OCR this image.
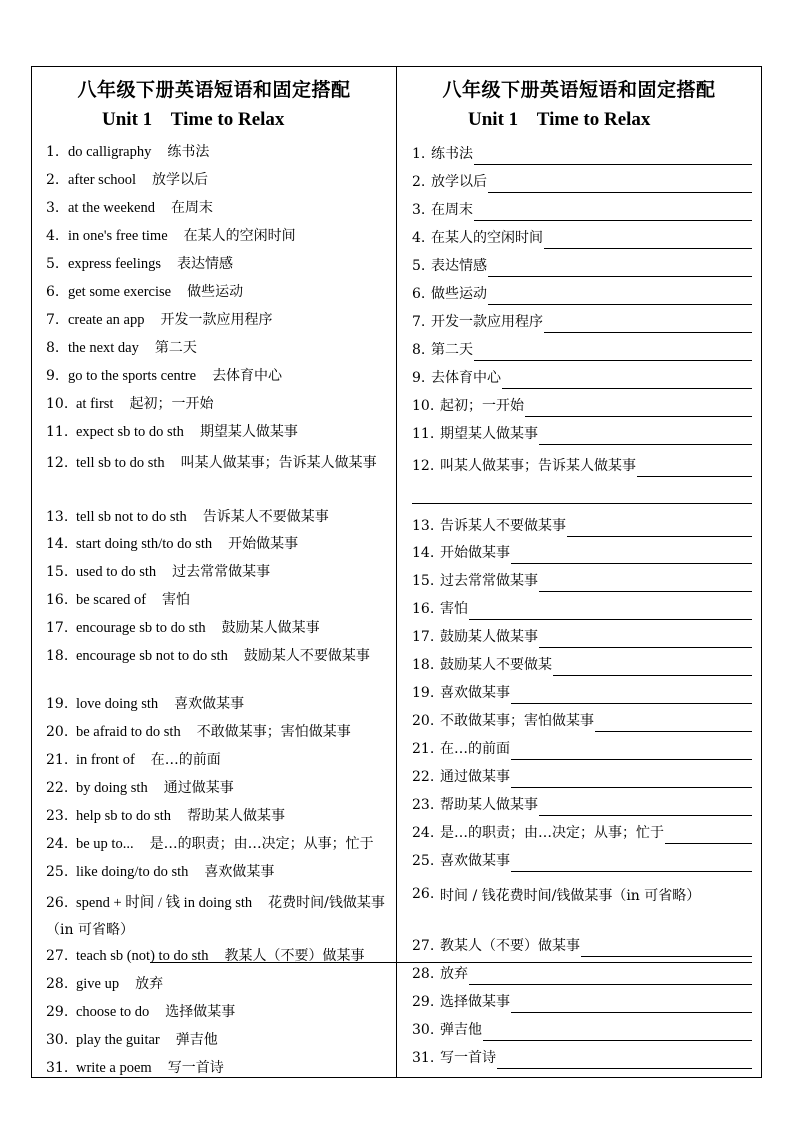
八年级下册英语短语和固定搭配
Unit 1    Time to Relax
1. do calligraphy 练书法
2. after school 放学以后
3. at the weekend 在周末
4. in one's free time 在某人的空闲时间
5. express feelings 表达情感
6. get some exercise 做些运动
7. create an app 开发一款应用程序
8. the next day 第二天
9. go to the sports centre 去体育中心
10. at first 起初；一开始
11. expect sb to do sth 期望某人做某事
12. tell sb to do sth 叫某人做某事；告诉某人做某事
13. tell sb not to do sth 告诉某人不要做某事
14. start doing sth/to do sth 开始做某事
15. used to do sth 过去常常做某事
16. be scared of 害怕
17. encourage sb to do sth 鼓励某人做某事
18. encourage sb not to do sth 鼓励某人不要做某事
19. love doing sth 喜欢做某事
20. be afraid to do sth 不敢做某事；害怕做某事
21. in front of 在…的前面
22. by doing sth 通过做某事
23. help sb to do sth 帮助某人做某事
24. be up to... 是…的职责；由…决定；从事；忙于
25. like doing/to do sth 喜欢做某事
26. spend + 时间 / 钱 in doing sth 花费时间/钱做某事（in 可省略）
27. teach sb (not) to do sth 教某人（不要）做某事
28. give up 放弃
29. choose to do 选择做某事
30. play the guitar 弹吉他
31. write a poem 写一首诗
八年级下册英语短语和固定搭配
Unit 1    Time to Relax
1. 练书法
2. 放学以后
3. 在周末
4. 在某人的空闲时间
5. 表达情感
6. 做些运动
7. 开发一款应用程序
8. 第二天
9. 去体育中心
10. 起初；一开始
11. 期望某人做某事
12. 叫某人做某事；告诉某人做某事
13. 告诉某人不要做某事
14. 开始做某事
15. 过去常常做某事
16. 害怕
17. 鼓励某人做某事
18. 鼓励某人不要做某
19. 喜欢做某事
20. 不敢做某事；害怕做某事
21. 在…的前面
22. 通过做某事
23. 帮助某人做某事
24. 是…的职责；由…决定；从事；忙于
25. 喜欢做某事
26. 时间 / 钱花费时间/钱做某事（in 可省略）
27. 教某人（不要）做某事
28. 放弃
29. 选择做某事
30. 弹吉他
31. 写一首诗
